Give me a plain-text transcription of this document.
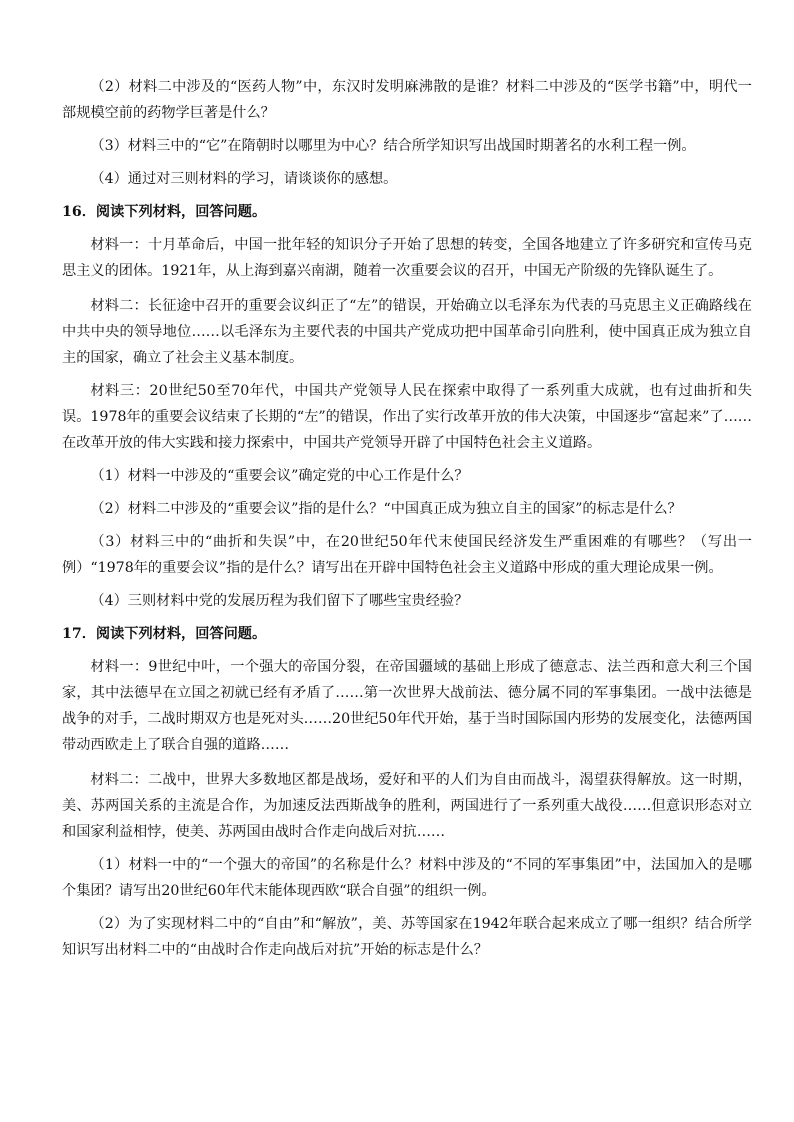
（2）材料二中涉及的“医药人物”中，东汉时发明麻沸散的是谁？材料二中涉及的“医学书籍”中，明代一部规模空前的药物学巨著是什么？

（3）材料三中的“它”在隋朝时以哪里为中心？结合所学知识写出战国时期著名的水利工程一例。

（4）通过对三则材料的学习，请谈谈你的感想。

16．阅读下列材料，回答问题。

材料一：十月革命后，中国一批年轻的知识分子开始了思想的转变，全国各地建立了许多研究和宣传马克思主义的团体。1921年，从上海到嘉兴南湖，随着一次重要会议的召开，中国无产阶级的先锋队诞生了。

材料二：长征途中召开的重要会议纠正了“左”的错误，开始确立以毛泽东为代表的马克思主义正确路线在中共中央的领导地位……以毛泽东为主要代表的中国共产党成功把中国革命引向胜利，使中国真正成为独立自主的国家，确立了社会主义基本制度。

材料三：20世纪50至70年代，中国共产党领导人民在探索中取得了一系列重大成就，也有过曲折和失误。1978年的重要会议结束了长期的“左”的错误，作出了实行改革开放的伟大决策，中国逐步“富起来”了……在改革开放的伟大实践和接力探索中，中国共产党领导开辟了中国特色社会主义道路。

（1）材料一中涉及的“重要会议”确定党的中心工作是什么？

（2）材料二中涉及的“重要会议”指的是什么？“中国真正成为独立自主的国家”的标志是什么？

（3）材料三中的“曲折和失误”中，在20世纪50年代末使国民经济发生严重困难的有哪些？（写出一例）“1978年的重要会议”指的是什么？请写出在开辟中国特色社会主义道路中形成的重大理论成果一例。

（4）三则材料中党的发展历程为我们留下了哪些宝贵经验？

17．阅读下列材料，回答问题。

材料一：9世纪中叶，一个强大的帝国分裂，在帝国疆域的基础上形成了德意志、法兰西和意大利三个国家，其中法德早在立国之初就已经有矛盾了……第一次世界大战前法、德分属不同的军事集团。一战中法德是战争的对手，二战时期双方也是死对头……20世纪50年代开始，基于当时国际国内形势的发展变化，法德两国带动西欧走上了联合自强的道路……

材料二：二战中，世界大多数地区都是战场，爱好和平的人们为自由而战斗，渴望获得解放。这一时期，美、苏两国关系的主流是合作，为加速反法西斯战争的胜利，两国进行了一系列重大战役……但意识形态对立和国家利益相悖，使美、苏两国由战时合作走向战后对抗……

（1）材料一中的“一个强大的帝国”的名称是什么？材料中涉及的“不同的军事集团”中，法国加入的是哪个集团？请写出20世纪60年代末能体现西欧“联合自强”的组织一例。

（2）为了实现材料二中的“自由”和“解放”，美、苏等国家在1942年联合起来成立了哪一组织？结合所学知识写出材料二中的“由战时合作走向战后对抗”开始的标志是什么？
